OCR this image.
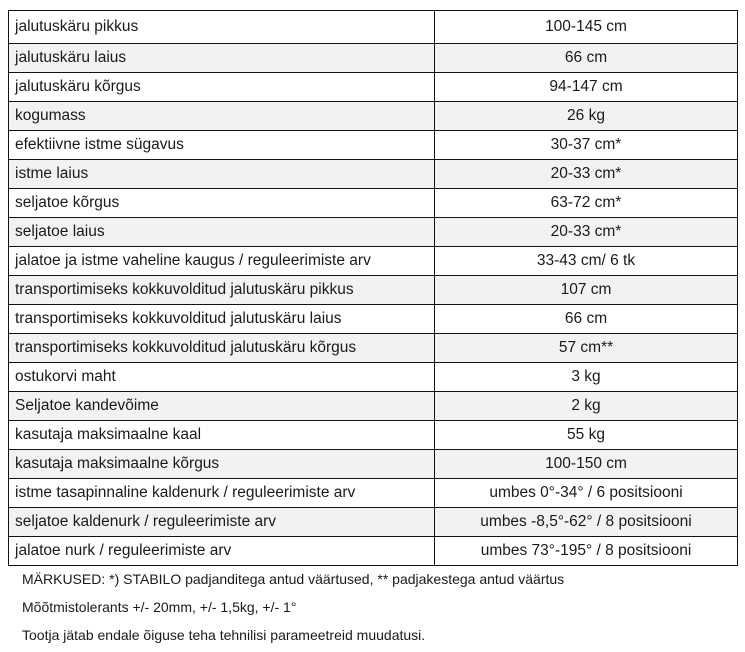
jalutuskäru pikkus	100-145 cm
jalutuskäru laius	66 cm
jalutuskäru kõrgus	94-147 cm
kogumass	26 kg
efektiivne istme sügavus	30-37 cm*
istme laius	20-33 cm*
seljatoe kõrgus	63-72 cm*
seljatoe laius	20-33 cm*
jalatoe ja istme vaheline kaugus / reguleerimiste arv	33-43 cm/ 6 tk
transportimiseks kokkuvolditud jalutuskäru pikkus	107 cm
transportimiseks kokkuvolditud jalutuskäru laius	66 cm
transportimiseks kokkuvolditud jalutuskäru kõrgus	57 cm**
ostukorvi maht	3 kg
Seljatoe kandevõime	2 kg
kasutaja maksimaalne kaal	55 kg
kasutaja maksimaalne kõrgus	100-150 cm
istme tasapinnaline kaldenurk / reguleerimiste arv	umbes 0°-34° / 6 positsiooni
seljatoe kaldenurk / reguleerimiste arv	umbes -8,5°-62° / 8 positsiooni
jalatoe nurk / reguleerimiste arv	umbes 73°-195° / 8 positsiooni
MÄRKUSED: *) STABILO padjanditega antud väärtused, ** padjakestega antud väärtus
Mõõtmistolerants +/- 20mm, +/- 1,5kg, +/- 1°
Tootja jätab endale õiguse teha tehnilisi parameetreid muudatusi.
